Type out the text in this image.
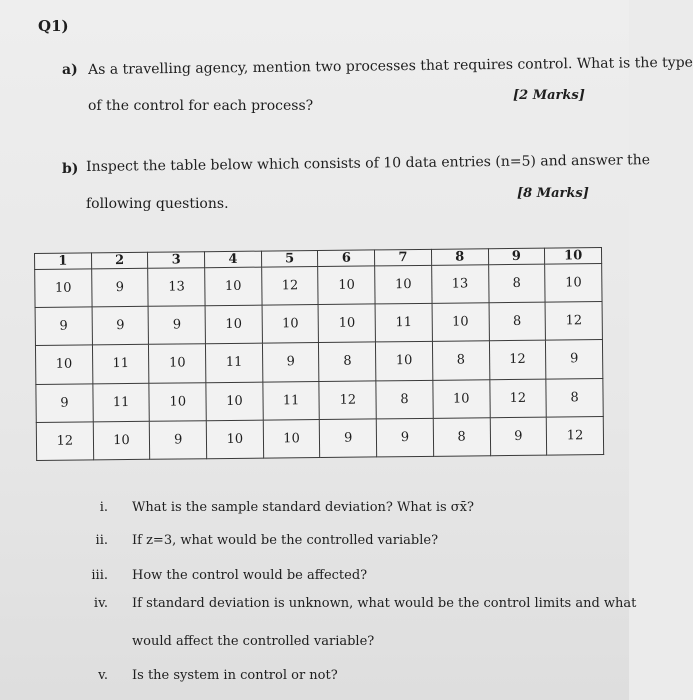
Q1)
a) As a travelling agency, mention two processes that requires control. What is the type
of the control for each process?
[2 Marks]
b) Inspect the table below which consists of 10 data entries (n=5) and answer the
following questions.
[8 Marks]
1	2	3	4	5	6	7	8	9	10
10	9	13	10	12	10	10	13	8	10
9	9	9	10	10	10	11	10	8	12
10	11	10	11	9	8	10	8	12	9
9	11	10	10	11	12	8	10	12	8
12	10	9	10	10	9	9	8	9	12
i. What is the sample standard deviation? What is σx̄?
ii. If z=3, what would be the controlled variable?
iii. How the control would be affected?
iv. If standard deviation is unknown, what would be the control limits and what
would affect the controlled variable?
v. Is the system in control or not?
